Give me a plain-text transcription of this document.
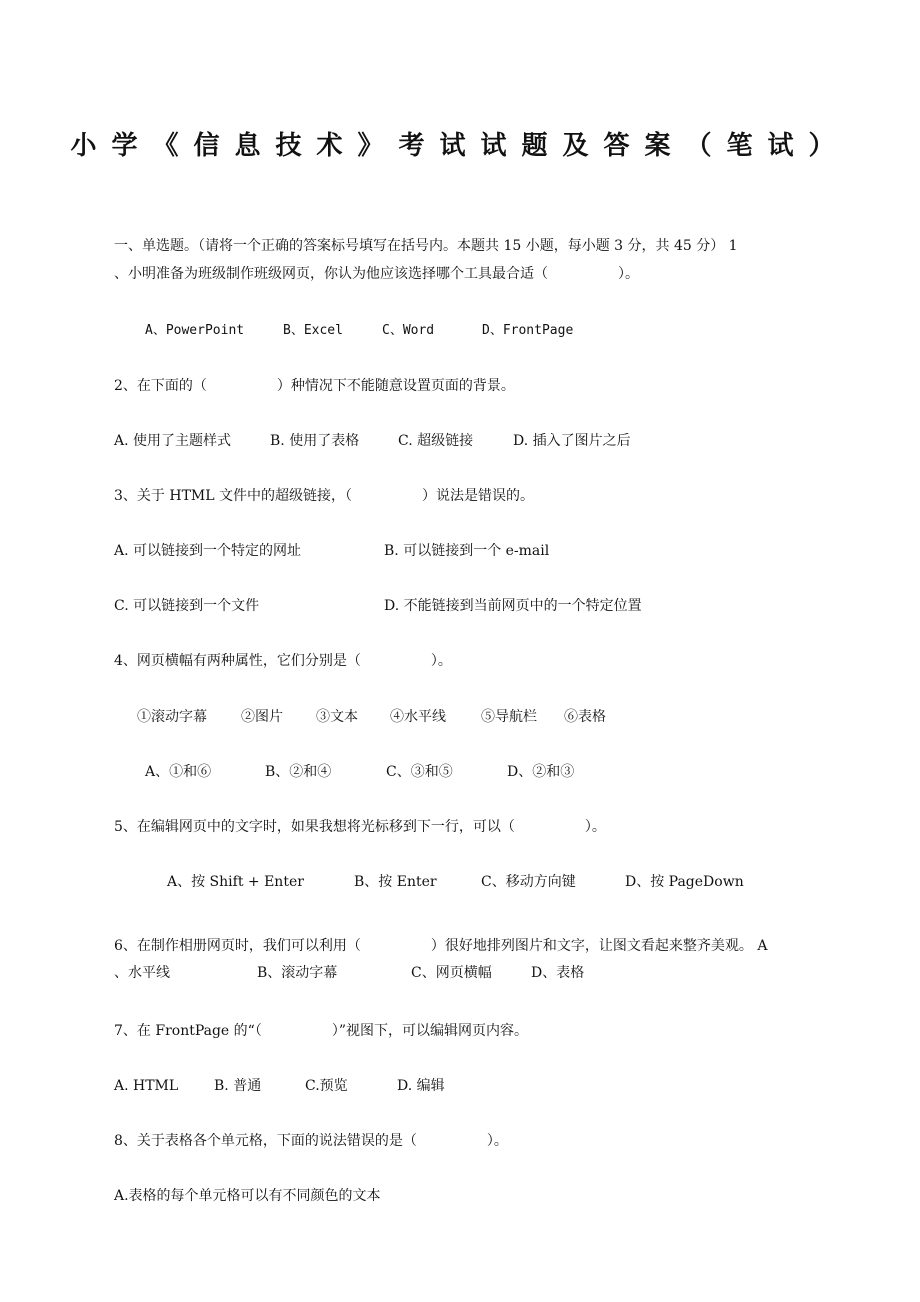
小学《信息技术》考试试题及答案（笔试）
一、单选题。（请将一个正确的答案标号填写在括号内。本题共 15 小题，每小题 3 分，共 45 分） 1
、小明准备为班级制作班级网页，你认为他应该选择哪个工具最合适（　　　　　）。
A、PowerPoint	B、Excel	C、Word	D、FrontPage
2、在下面的（　　　　　）种情况下不能随意设置页面的背景。
A. 使用了主题样式	B. 使用了表格	C. 超级链接	D. 插入了图片之后
3、关于 HTML 文件中的超级链接，（　　　　　）说法是错误的。
A. 可以链接到一个特定的网址	B. 可以链接到一个 e-mail
C. 可以链接到一个文件	D. 不能链接到当前网页中的一个特定位置
4、网页横幅有两种属性，它们分别是（　　　　　）。
①滚动字幕 ②图片 ③文本 ④水平线	⑤导航栏 ⑥表格
A、①和⑥	B、②和④	C、③和⑤	D、②和③
5、在编辑网页中的文字时，如果我想将光标移到下一行，可以（　　　　　）。
A、按 Shift + Enter	B、按 Enter	C、移动方向键	D、按 PageDown
6、在制作相册网页时，我们可以利用（　　　　　）很好地排列图片和文字，让图文看起来整齐美观。 A
、水平线	B、滚动字幕	C、网页横幅	D、表格
7、在 FrontPage 的“（　　　　　）”视图下，可以编辑网页内容。
A. HTML	B. 普通	C.预览	D. 编辑
8、关于表格各个单元格，下面的说法错误的是（　　　　　）。
A.表格的每个单元格可以有不同颜色的文本
